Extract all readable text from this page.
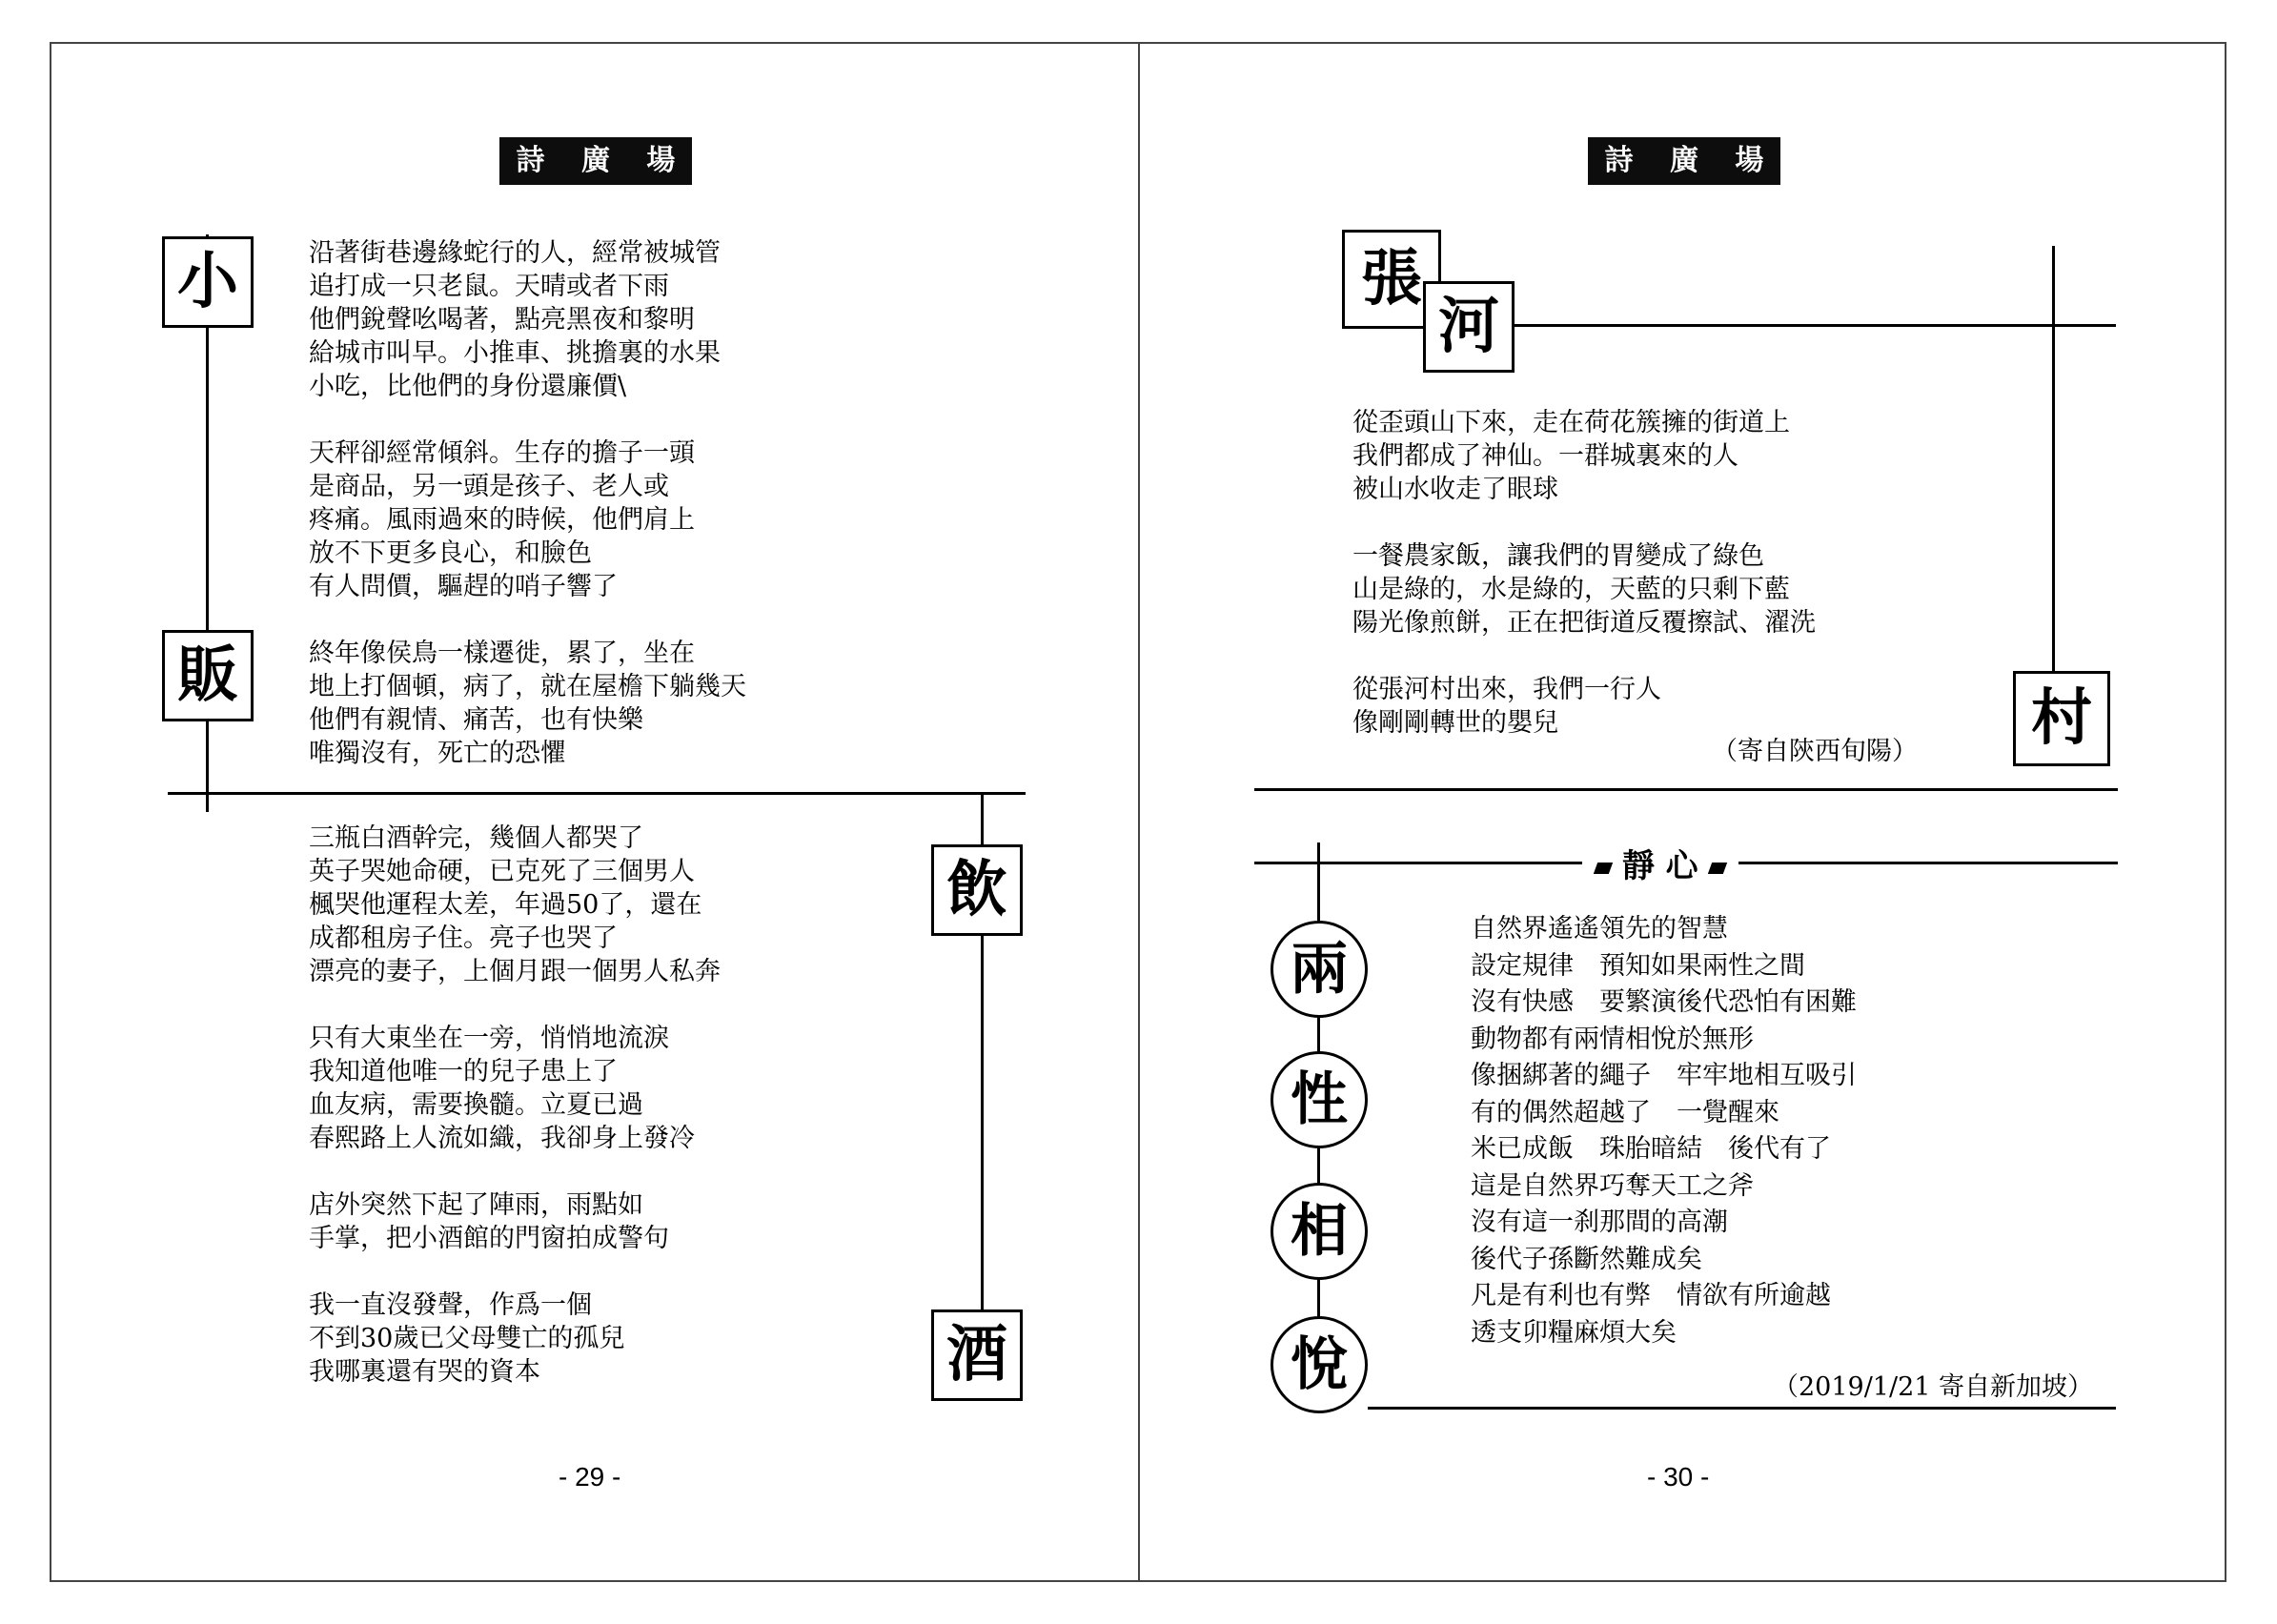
詩 廣 場
小
販
沿著街巷邊緣蛇行的人，經常被城管
追打成一只老鼠。天晴或者下雨
他們銳聲吆喝著，點亮黑夜和黎明
給城市叫早。小推車、挑擔裏的水果
小吃，比他們的身份還廉價\
天秤卻經常傾斜。生存的擔子一頭
是商品，另一頭是孩子、老人或
疼痛。風雨過來的時候，他們肩上
放不下更多良心，和臉色
有人問價，驅趕的哨子響了
終年像侯鳥一樣遷徙，累了，坐在
地上打個頓，病了，就在屋檐下躺幾天
他們有親情、痛苦，也有快樂
唯獨沒有，死亡的恐懼
飲
酒
三瓶白酒幹完，幾個人都哭了
英子哭她命硬，已克死了三個男人
楓哭他運程太差，年過50了，還在
成都租房子住。亮子也哭了
漂亮的妻子，上個月跟一個男人私奔
只有大東坐在一旁，悄悄地流淚
我知道他唯一的兒子患上了
血友病，需要換髓。立夏已過
春熙路上人流如織，我卻身上發冷
店外突然下起了陣雨，雨點如
手掌，把小酒館的門窗拍成警句
我一直沒發聲，作爲一個
不到30歲已父母雙亡的孤兒
我哪裏還有哭的資本
- 29 -
詩 廣 場
張
河
村
從歪頭山下來，走在荷花簇擁的街道上
我們都成了神仙。一群城裏來的人
被山水收走了眼球
一餐農家飯，讓我們的胃變成了綠色
山是綠的，水是綠的，天藍的只剩下藍
陽光像煎餅，正在把街道反覆擦試、濯洗
從張河村出來，我們一行人
像剛剛轉世的嬰兒
（寄自陝西旬陽）
靜 心
兩
性
相
悅
自然界遙遙領先的智慧
設定規律　預知如果兩性之間
沒有快感　要繁演後代恐怕有困難
動物都有兩情相悅於無形
像捆綁著的繩子　牢牢地相互吸引
有的偶然超越了　一覺醒來
米已成飯　珠胎暗結　後代有了
這是自然界巧奪天工之斧
沒有這一刹那間的高潮
後代子孫斷然難成矣
凡是有利也有弊　情欲有所逾越
透支卯糧麻煩大矣
（2019/1/21 寄自新加坡）
- 30 -
